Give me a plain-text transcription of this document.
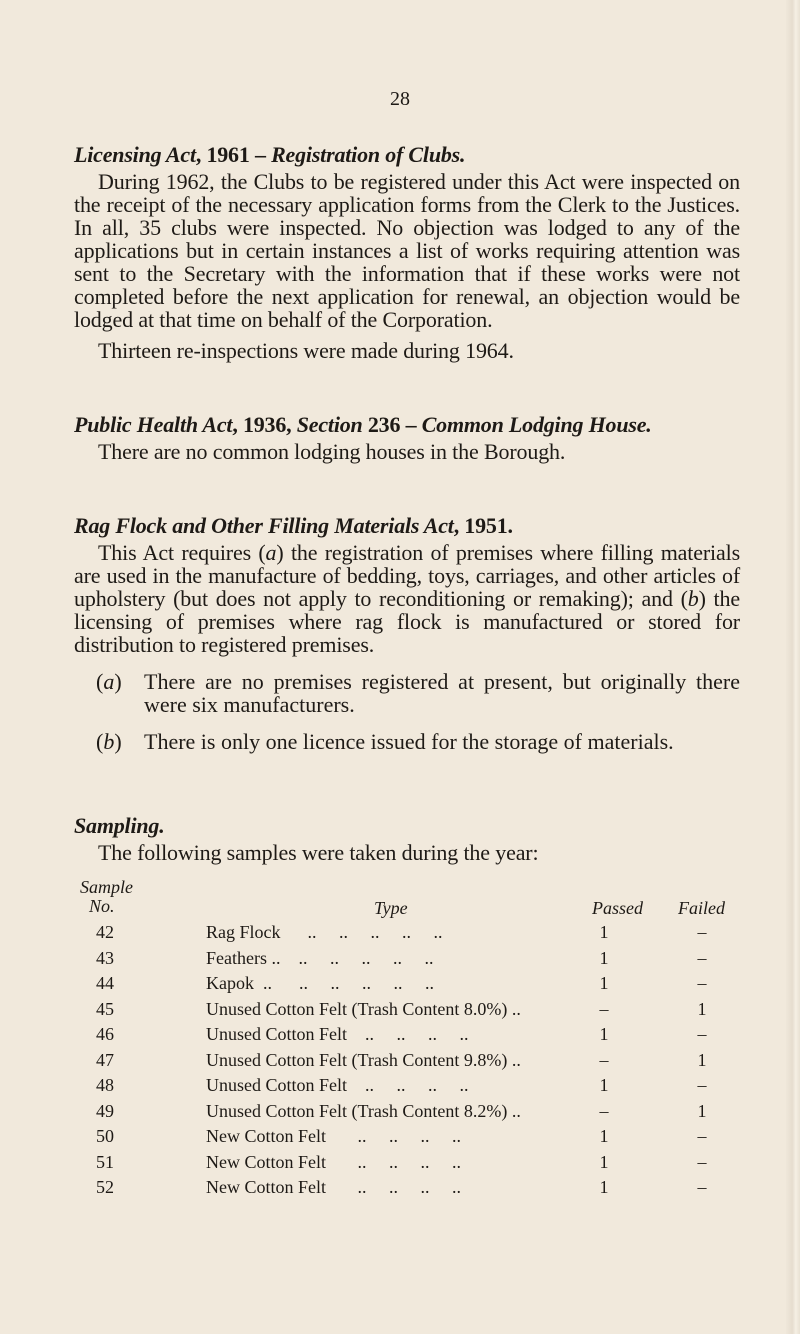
28
Licensing Act, 1961 – Registration of Clubs.

During 1962, the Clubs to be registered under this Act were inspected on the receipt of the necessary application forms from the Clerk to the Justices. In all, 35 clubs were inspected. No objection was lodged to any of the applications but in certain instances a list of works requiring attention was sent to the Secretary with the information that if these works were not completed before the next application for renewal, an objection would be lodged at that time on behalf of the Corporation.

Thirteen re-inspections were made during 1964.

Public Health Act, 1936, Section 236 – Common Lodging House.

There are no common lodging houses in the Borough.

Rag Flock and Other Filling Materials Act, 1951.

This Act requires (a) the registration of premises where filling materials are used in the manufacture of bedding, toys, carriages, and other articles of upholstery (but does not apply to reconditioning or remaking); and (b) the licensing of premises where rag flock is manufactured or stored for distribution to registered premises.

(a)	There are no premises registered at present, but originally there were six manufacturers.
(b)	There is only one licence issued for the storage of materials.
Sampling.

The following samples were taken during the year:

Sample
No.	Type	Passed Failed
42	Rag Flock      ..     ..     ..     ..     ..	1	–
43	Feathers ..    ..     ..     ..     ..     ..	1	–
44	Kapok  ..      ..     ..     ..     ..     ..	1	–
45	Unused Cotton Felt (Trash Content 8.0%) ..	–	1
46	Unused Cotton Felt    ..     ..     ..     ..	1	–
47	Unused Cotton Felt (Trash Content 9.8%) ..	–	1
48	Unused Cotton Felt    ..     ..     ..     ..	1	–
49	Unused Cotton Felt (Trash Content 8.2%) ..	–	1
50	New Cotton Felt       ..     ..     ..     ..	1	–
51	New Cotton Felt       ..     ..     ..     ..	1	–
52	New Cotton Felt       ..     ..     ..     ..	1	–
